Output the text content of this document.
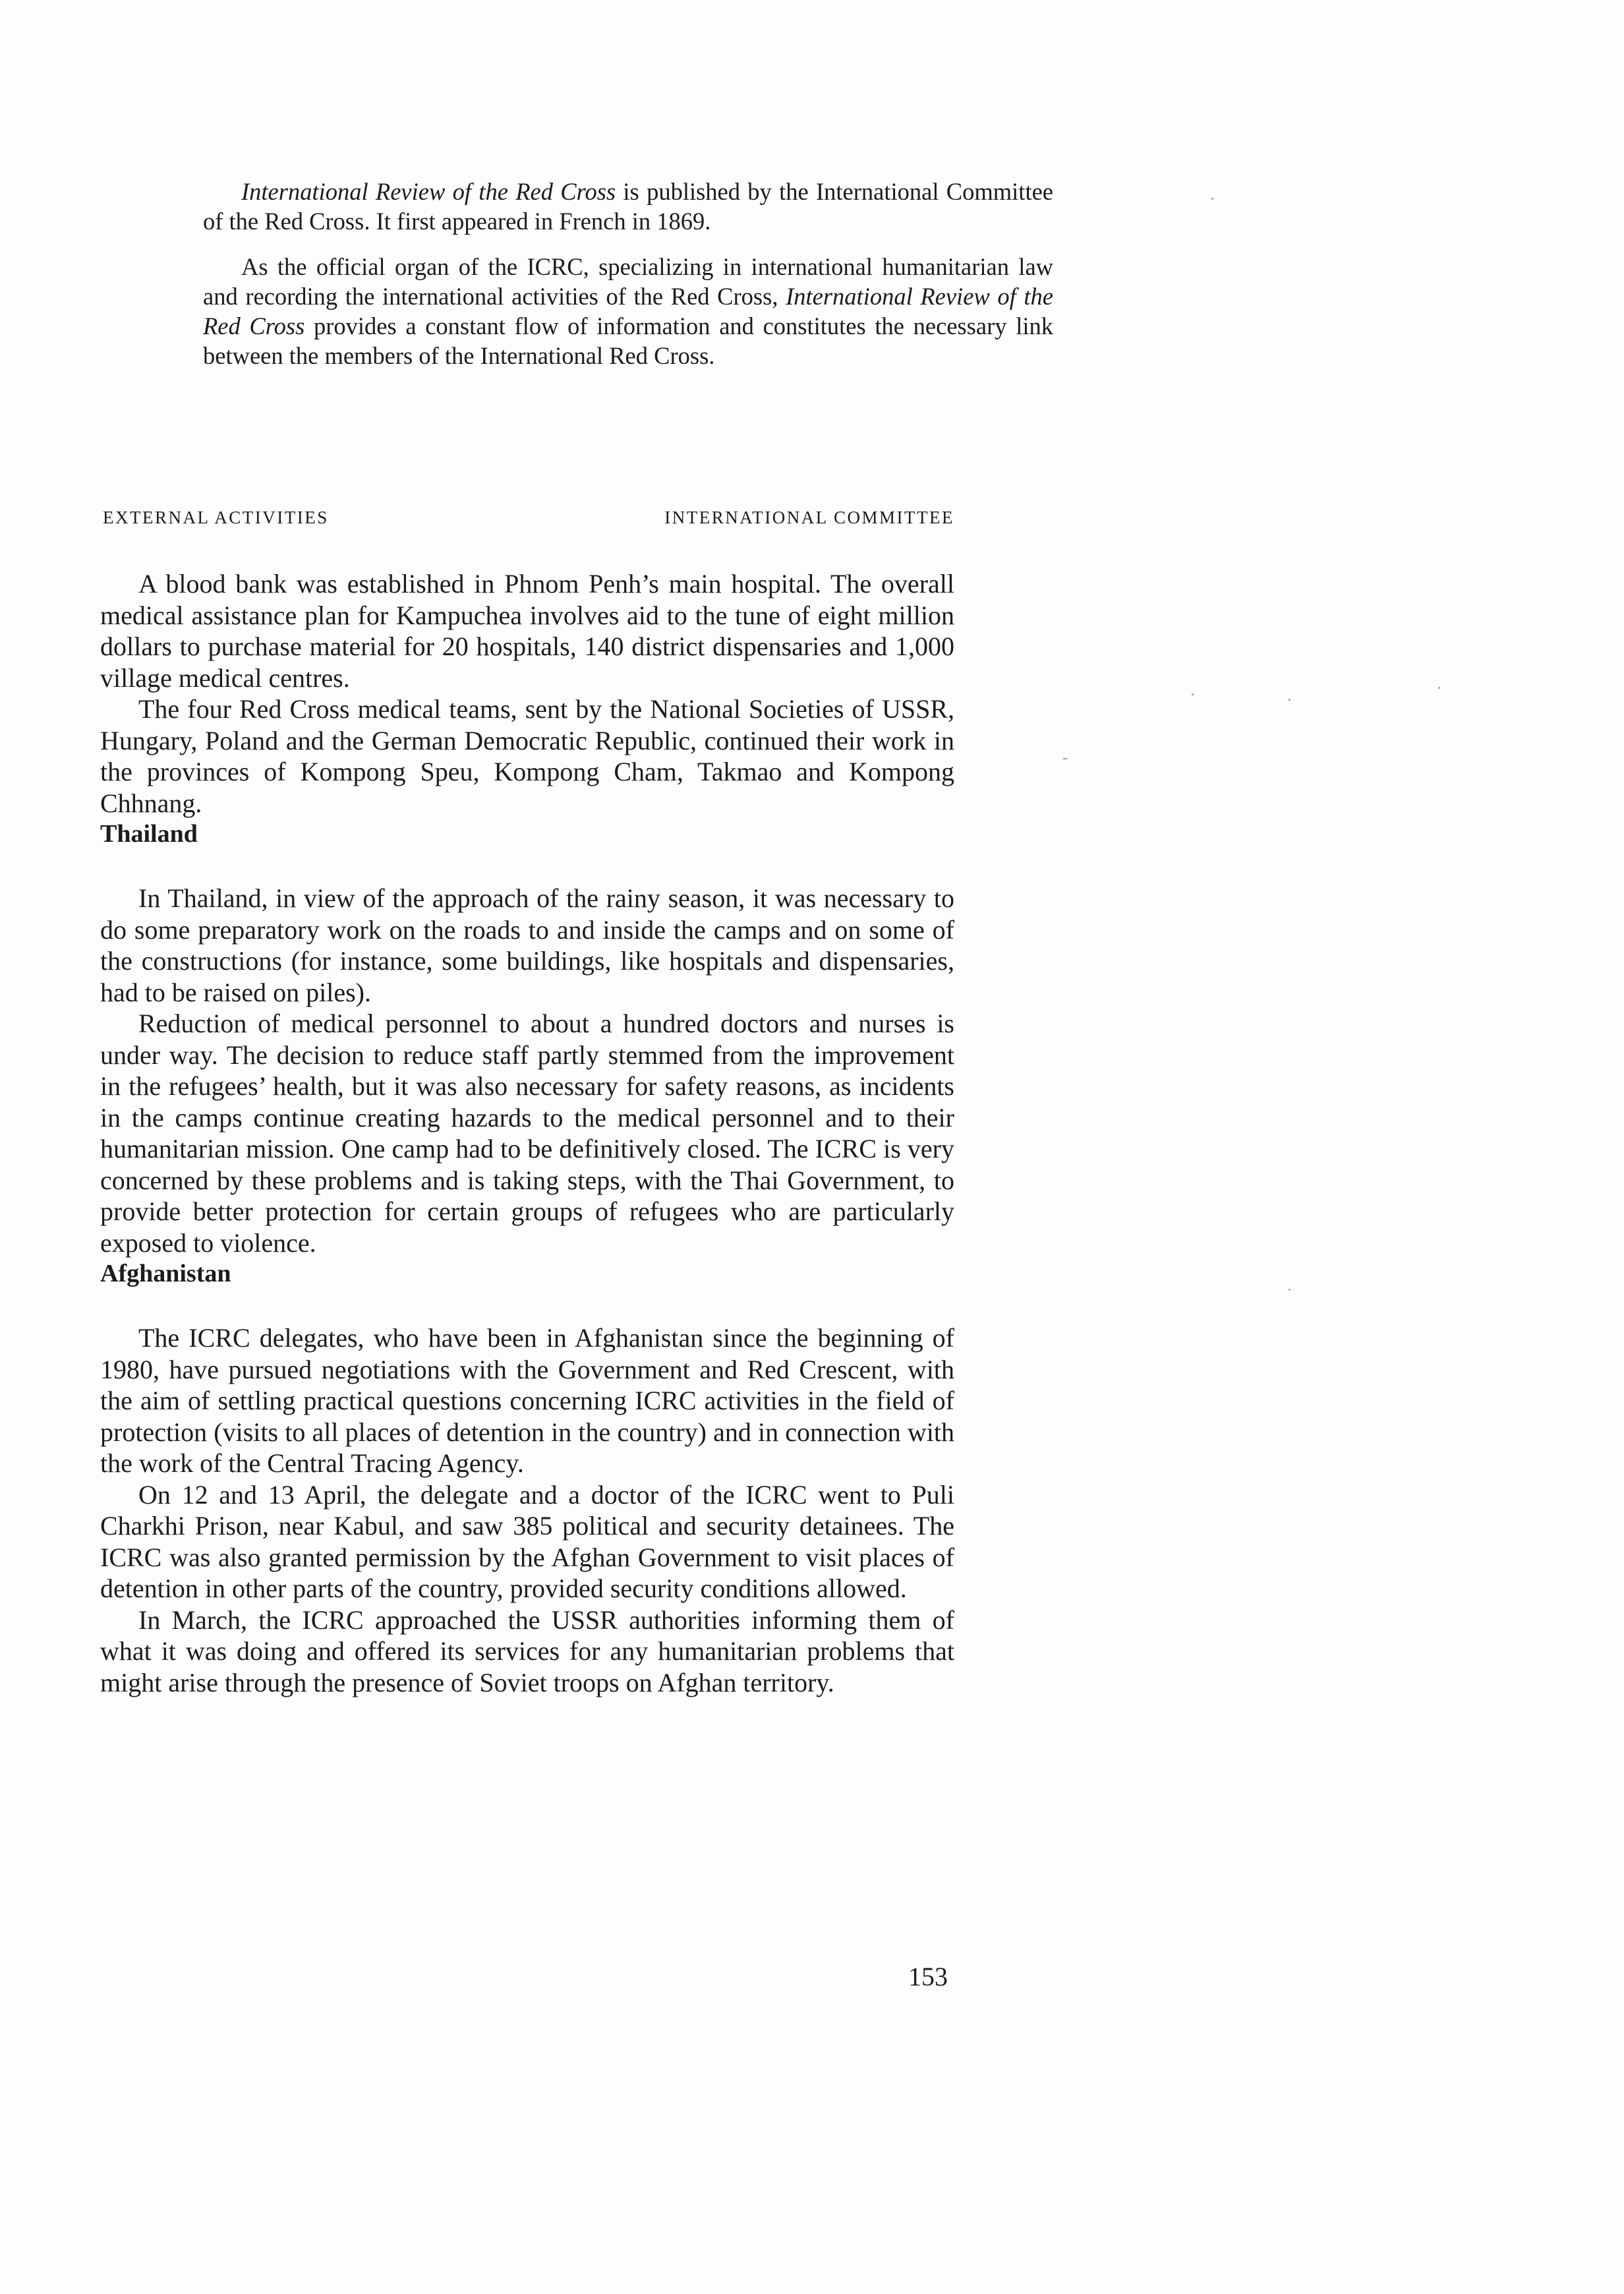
International Review of the Red Cross is published by the International Committee of the Red Cross. It first appeared in French in 1869.

As the official organ of the ICRC, specializing in international humanitarian law and recording the international activities of the Red Cross, International Review of the Red Cross provides a constant flow of information and constitutes the necessary link between the members of the International Red Cross.

EXTERNAL ACTIVITIES	INTERNATIONAL COMMITTEE

A blood bank was established in Phnom Penh’s main hospital. The overall medical assistance plan for Kampuchea involves aid to the tune of eight million dollars to purchase material for 20 hospitals, 140 district dispensaries and 1,000 village medical centres.

The four Red Cross medical teams, sent by the National Societies of USSR, Hungary, Poland and the German Democratic Republic, continued their work in the provinces of Kompong Speu, Kompong Cham, Takmao and Kompong Chhnang.

Thailand

In Thailand, in view of the approach of the rainy season, it was necessary to do some preparatory work on the roads to and inside the camps and on some of the constructions (for instance, some buildings, like hospitals and dispensaries, had to be raised on piles).

Reduction of medical personnel to about a hundred doctors and nurses is under way. The decision to reduce staff partly stemmed from the improvement in the refugees’ health, but it was also necessary for safety reasons, as incidents in the camps continue creating hazards to the medical personnel and to their humanitarian mission. One camp had to be definitively closed. The ICRC is very concerned by these problems and is taking steps, with the Thai Government, to provide better protection for certain groups of refugees who are particularly exposed to violence.

Afghanistan

The ICRC delegates, who have been in Afghanistan since the beginning of 1980, have pursued negotiations with the Government and Red Crescent, with the aim of settling practical questions concerning ICRC activities in the field of protection (visits to all places of detention in the country) and in connection with the work of the Central Tracing Agency.

On 12 and 13 April, the delegate and a doctor of the ICRC went to Puli Charkhi Prison, near Kabul, and saw 385 political and security detainees. The ICRC was also granted permission by the Afghan Government to visit places of detention in other parts of the country, provided security conditions allowed.

In March, the ICRC approached the USSR authorities informing them of what it was doing and offered its services for any humanitarian problems that might arise through the presence of Soviet troops on Afghan territory.

153
